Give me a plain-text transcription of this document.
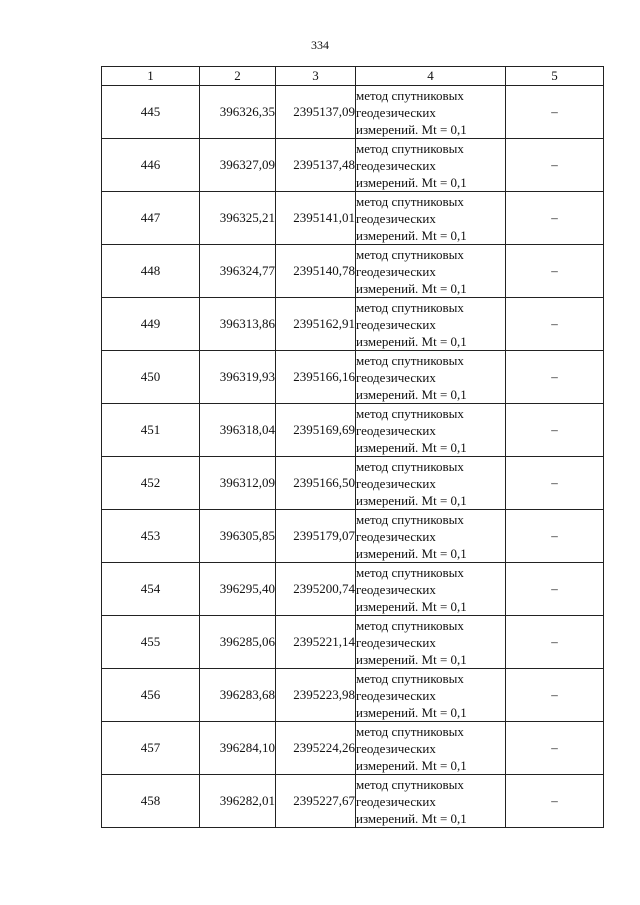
334
1	2	3	4	5
445	396326,35	2395137,09	метод спутниковых
геодезических
измерений. Mt = 0,1	–
446	396327,09	2395137,48	метод спутниковых
геодезических
измерений. Mt = 0,1	–
447	396325,21	2395141,01	метод спутниковых
геодезических
измерений. Mt = 0,1	–
448	396324,77	2395140,78	метод спутниковых
геодезических
измерений. Mt = 0,1	–
449	396313,86	2395162,91	метод спутниковых
геодезических
измерений. Mt = 0,1	–
450	396319,93	2395166,16	метод спутниковых
геодезических
измерений. Mt = 0,1	–
451	396318,04	2395169,69	метод спутниковых
геодезических
измерений. Mt = 0,1	–
452	396312,09	2395166,50	метод спутниковых
геодезических
измерений. Mt = 0,1	–
453	396305,85	2395179,07	метод спутниковых
геодезических
измерений. Mt = 0,1	–
454	396295,40	2395200,74	метод спутниковых
геодезических
измерений. Mt = 0,1	–
455	396285,06	2395221,14	метод спутниковых
геодезических
измерений. Mt = 0,1	–
456	396283,68	2395223,98	метод спутниковых
геодезических
измерений. Mt = 0,1	–
457	396284,10	2395224,26	метод спутниковых
геодезических
измерений. Mt = 0,1	–
458	396282,01	2395227,67	метод спутниковых
геодезических
измерений. Mt = 0,1	–
